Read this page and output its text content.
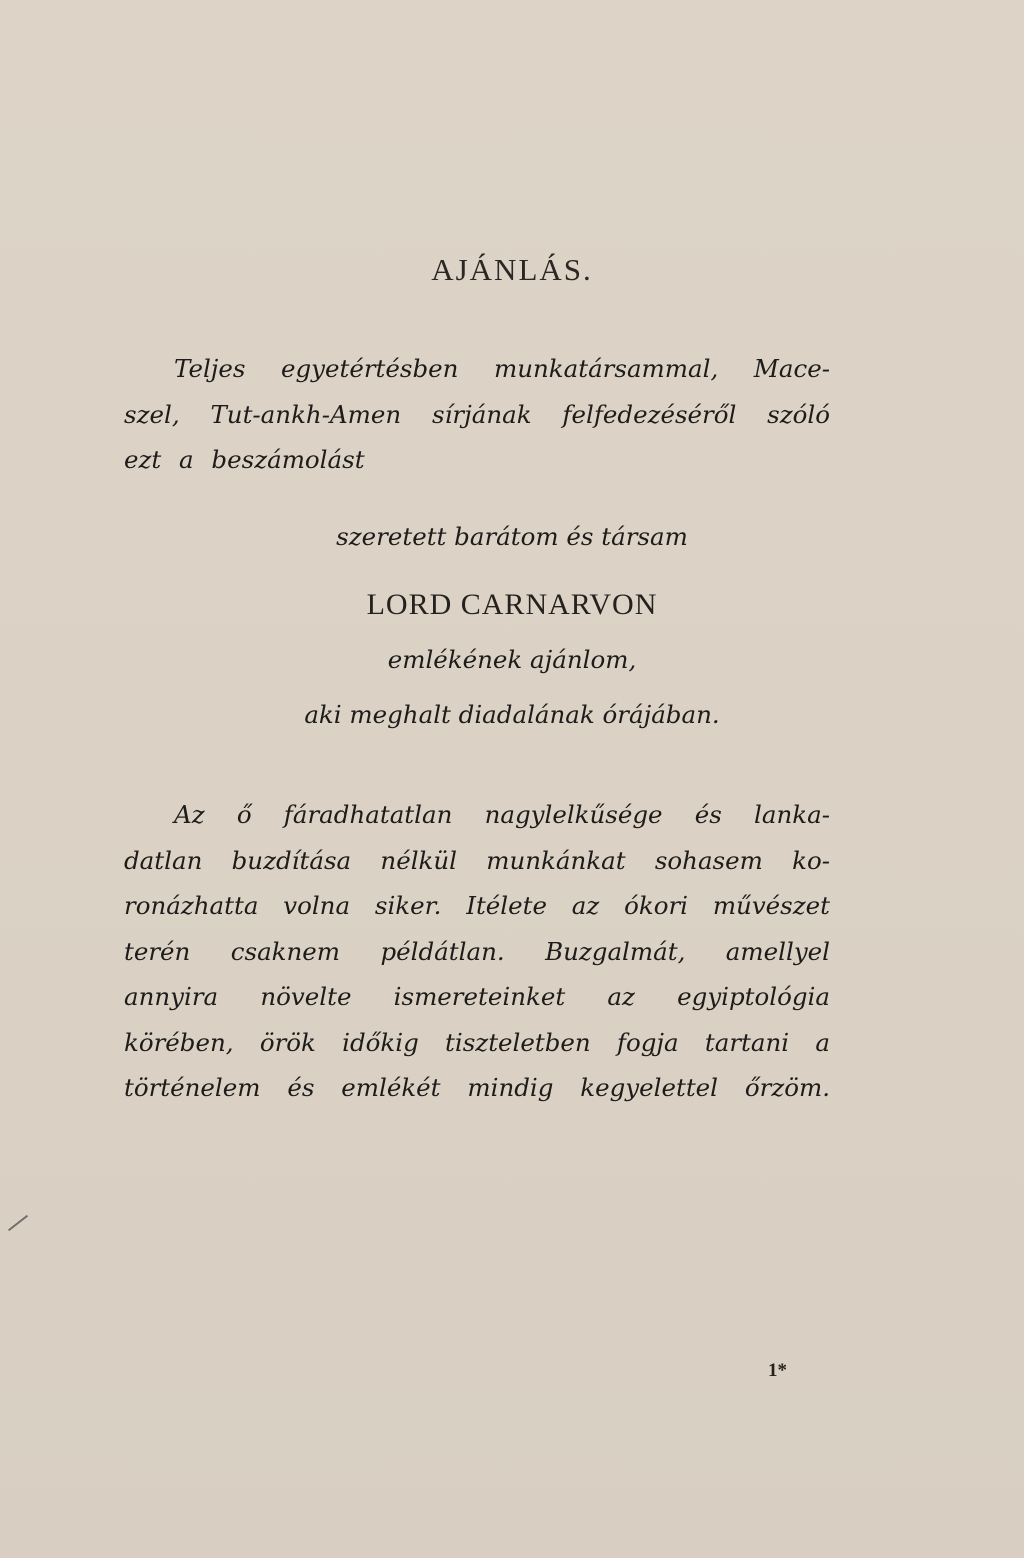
AJÁNLÁS.
Teljes egyetértésben munkatársammal, Mace-
szel, Tut-ankh-Amen sírjának felfedezéséről szóló
ezt a beszámolást
szeretett barátom és társam
LORD CARNARVON
emlékének ajánlom,
aki meghalt diadalának órájában.
Az ő fáradhatatlan nagylelkűsége és lanka-
datlan buzdítása nélkül munkánkat sohasem ko-
ronázhatta volna siker. Itélete az ókori művészet
terén csaknem példátlan. Buzgalmát, amellyel
annyira növelte ismereteinket az egyiptológia
körében, örök időkig tiszteletben fogja tartani a
történelem és emlékét mindig kegyelettel őrzöm.
1*
